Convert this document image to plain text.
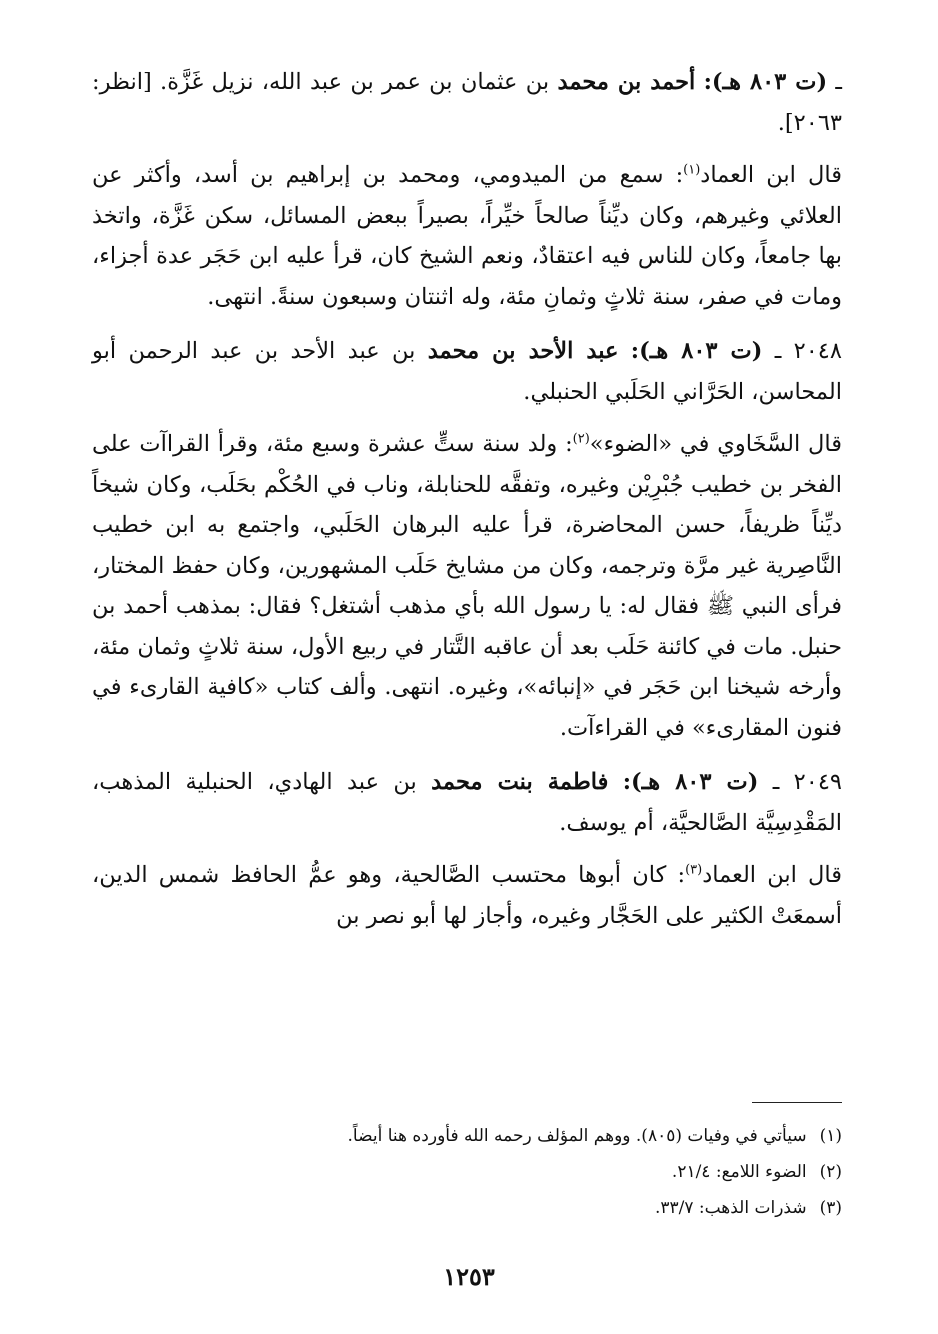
ـ (ت ٨٠٣ هـ): أحمد بن محمد بن عثمان بن عمر بن عبد الله، نزيل غَزَّة. [انظر: ٢٠٦٣].

قال ابن العماد$^{(١)}$: سمع من الميدومي، ومحمد بن إبراهيم بن أسد، وأكثر عن العلائي وغيرهم، وكان ديِّناً صالحاً خيِّراً، بصيراً ببعض المسائل، سكن غَزَّة، واتخذ بها جامعاً، وكان للناس فيه اعتقادٌ، ونعم الشيخ كان، قرأ عليه ابن حَجَر عدة أجزاء، ومات في صفر، سنة ثلاثٍ وثمانِ مئة، وله اثنتان وسبعون سنةً. انتهى.

٢٠٤٨ ـ (ت ٨٠٣ هـ): عبد الأحد بن محمد بن عبد الأحد بن عبد الرحمن أبو المحاسن، الحَرَّاني الحَلَبي الحنبلي.

قال السَّخَاوي في «الضوء»$^{(٢)}$: ولد سنة ستٍّ عشرة وسبع مئة، وقرأ القراآت على الفخر بن خطيب جُبْرِيْن وغيره، وتفقَّه للحنابلة، وناب في الحُكْم بحَلَب، وكان شيخاً ديِّناً ظريفاً، حسن المحاضرة، قرأ عليه البرهان الحَلَبي، واجتمع به ابن خطيب النَّاصِرية غير مرَّة وترجمه، وكان من مشايخ حَلَب المشهورين، وكان حفظ المختار، فرأى النبي ﷺ فقال له: يا رسول الله بأي مذهب أشتغل؟ فقال: بمذهب أحمد بن حنبل. مات في كائنة حَلَب بعد أن عاقبه التَّتار في ربيع الأول، سنة ثلاثٍ وثمان مئة، وأرخه شيخنا ابن حَجَر في «إنبائه»، وغيره. انتهى. وألف كتاب «كافية القارىء في فنون المقارىء» في القراءآت.

٢٠٤٩ ـ (ت ٨٠٣ هـ): فاطمة بنت محمد بن عبد الهادي، الحنبلية المذهب، المَقْدِسِيَّة الصَّالحيَّة، أم يوسف.

قال ابن العماد$^{(٣)}$: كان أبوها محتسب الصَّالحية، وهو عمُّ الحافظ شمس الدين، أسمعَتْ الكثير على الحَجَّار وغيره، وأجاز لها أبو نصر بن

(١) سيأتي في وفيات (٨٠٥). ووهم المؤلف رحمه الله فأورده هنا أيضاً.
(٢) الضوء اللامع: ٢١/٤.
(٣) شذرات الذهب: ٣٣/٧.
١٢٥٣
